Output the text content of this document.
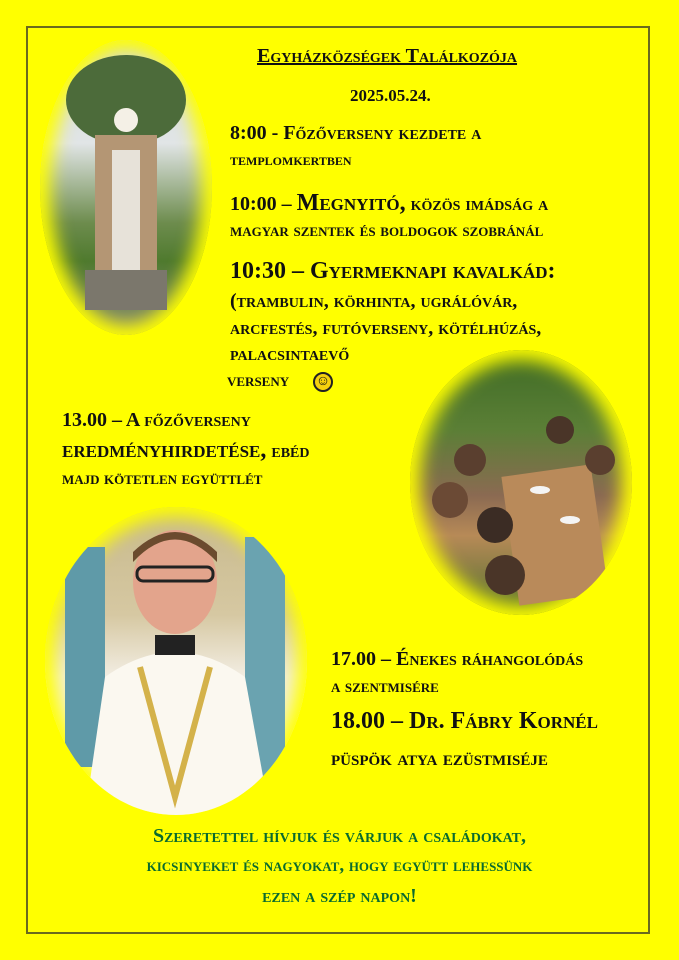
Egyházközségek Találkozója
2025.05.24.
8:00 - Főzőverseny kezdete a
templomkertben
10:00 – Megnyitó, közös imádság a
magyar szentek és boldogok szobránál
10:30 – Gyermeknapi kavalkád:
(trambulin, körhinta, ugrálóvár,
arcfestés, futóverseny, kötélhúzás,
palacsintaevő
verseny ☺
13.00 – A főzőverseny
eredményhirdetése, ebéd
majd kötetlen együttlét
17.00 – Énekes ráhangolódás
a szentmisére
18.00 – Dr. Fábry Kornél
püspök atya ezüstmiséje
Szeretettel hívjuk és várjuk a családokat,
kicsinyeket és nagyokat, hogy együtt lehessünk
ezen a szép napon!
